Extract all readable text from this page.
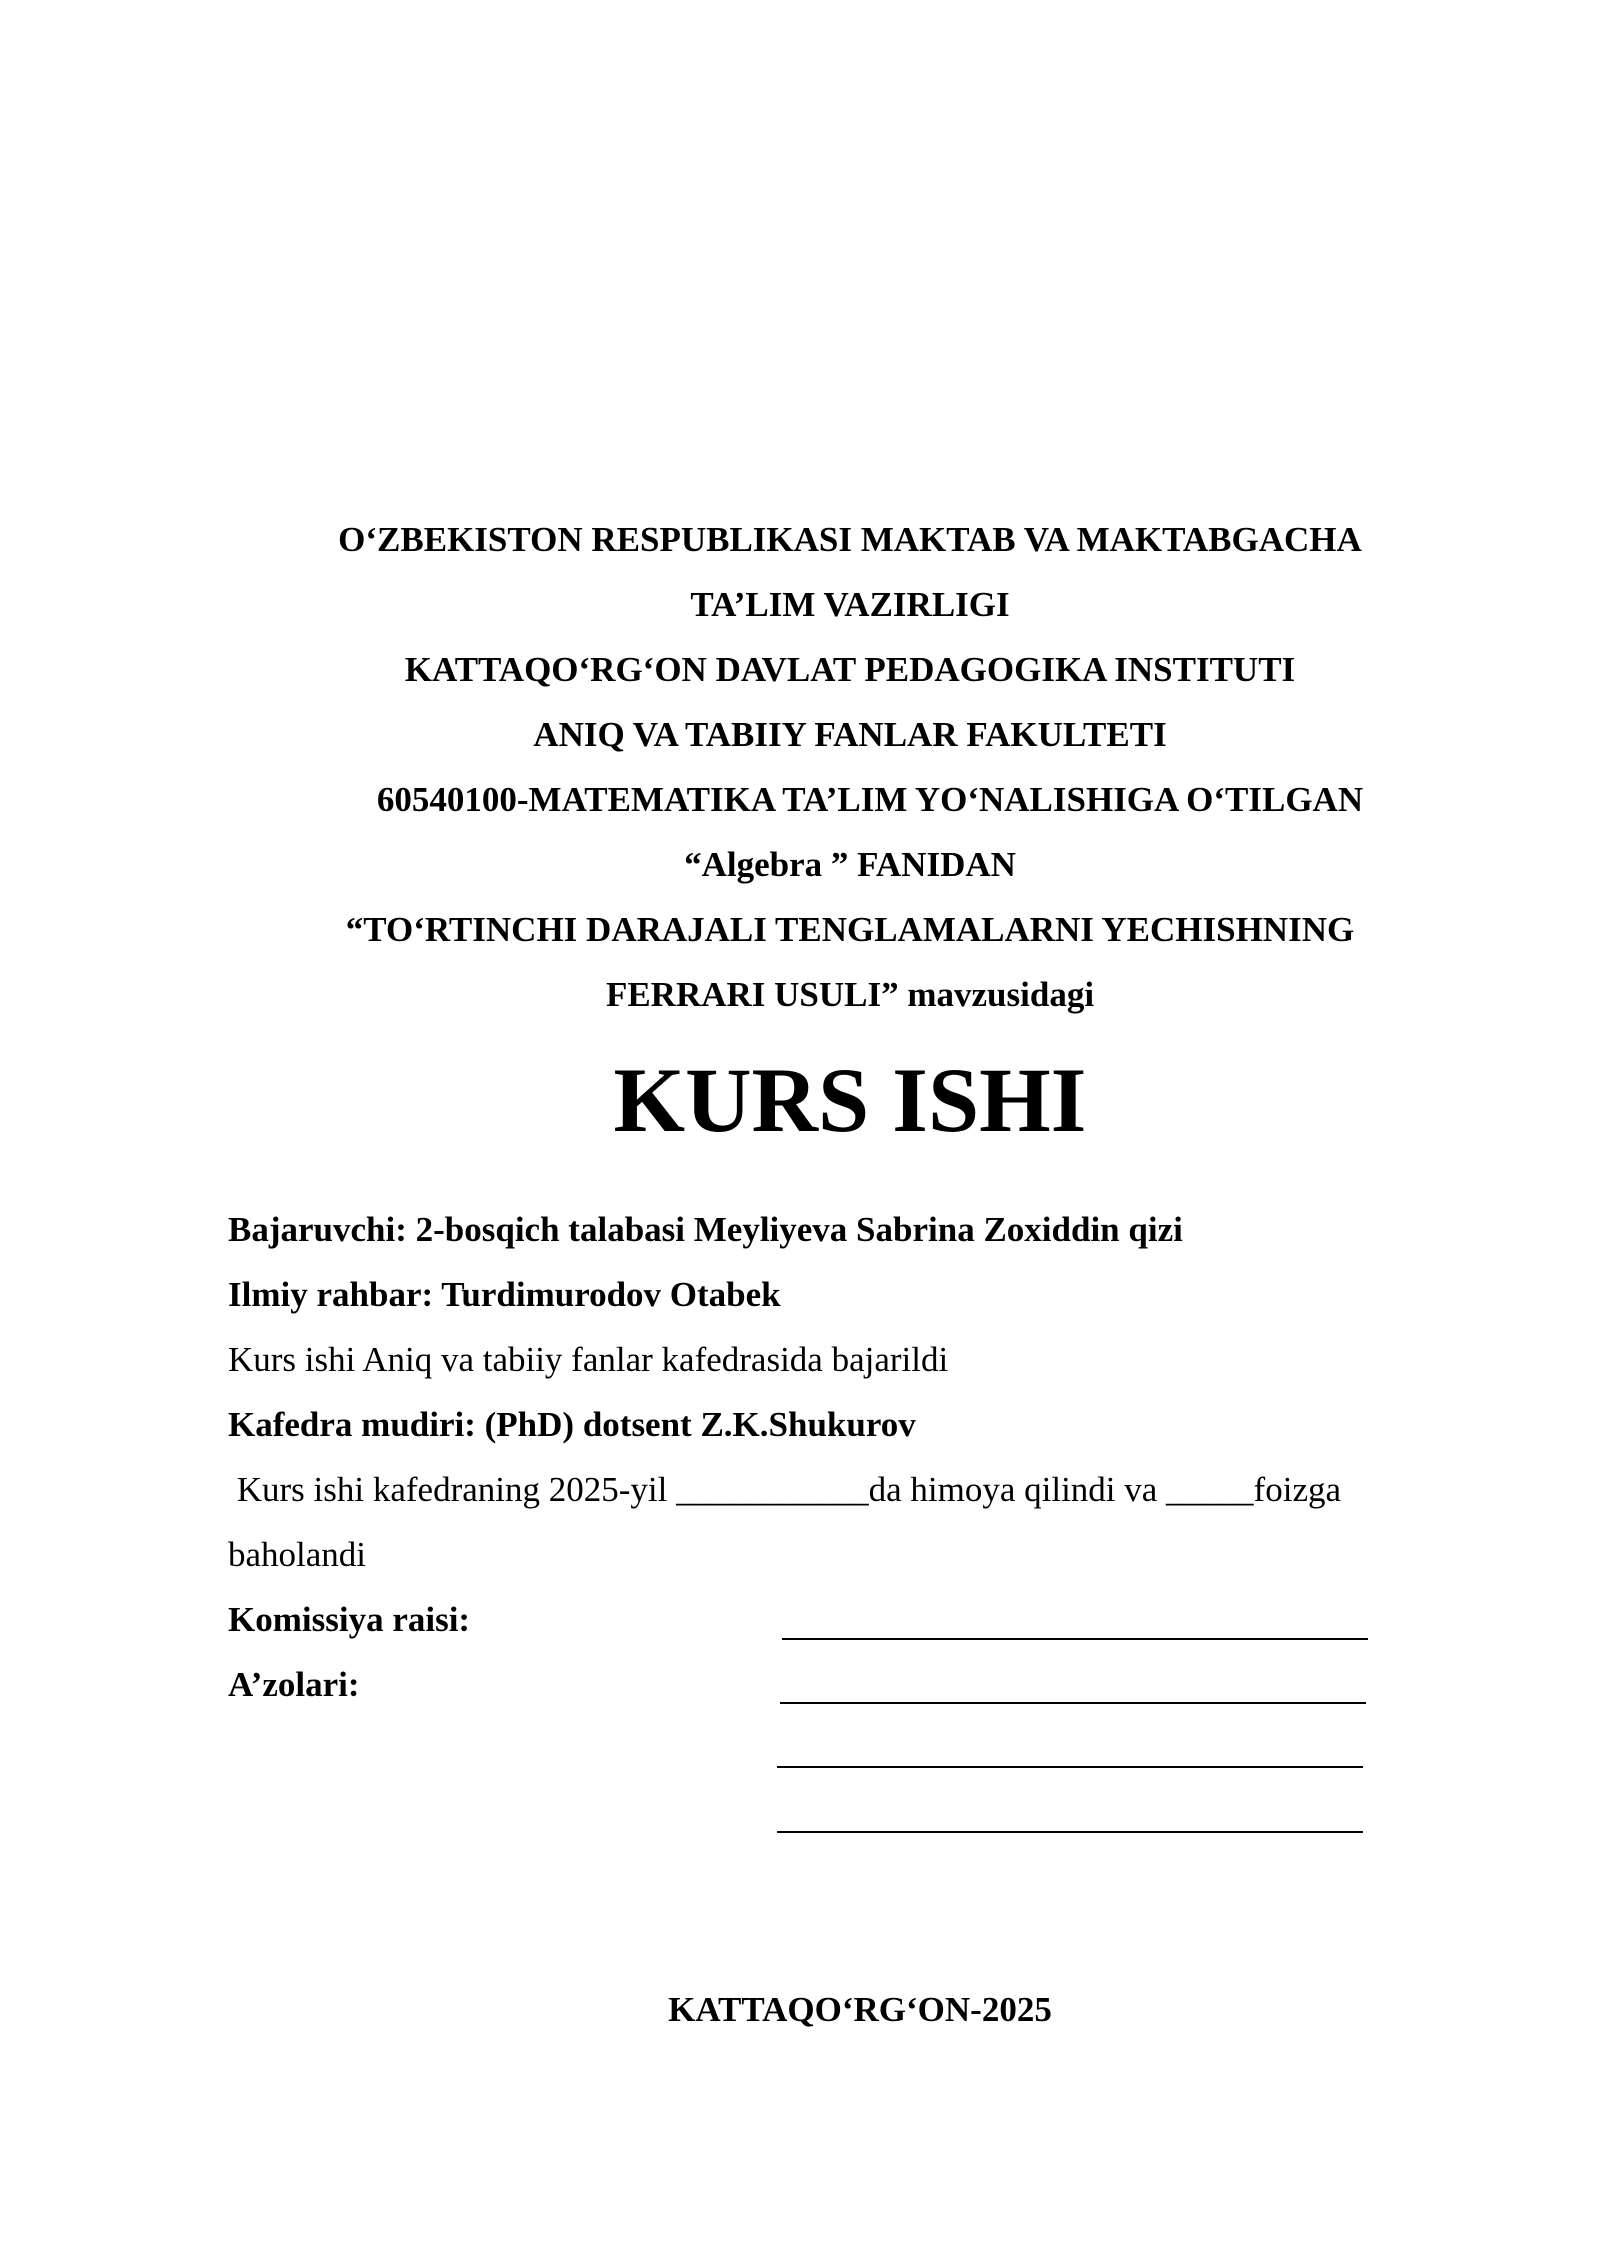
O‘ZBEKISTON RESPUBLIKASI MAKTAB VA MAKTABGACHA
TA’LIM VAZIRLIGI
KATTAQO‘RG‘ON DAVLAT PEDAGOGIKA INSTITUTI
ANIQ VA TABIIY FANLAR FAKULTETI
60540100-MATEMATIKA TA’LIM YO‘NALISHIGA O‘TILGAN
“Algebra ” FANIDAN
“TO‘RTINCHI DARAJALI TENGLAMALARNI YECHISHNING
FERRARI USULI” mavzusidagi
KURS ISHI
Bajaruvchi: 2-bosqich talabasi Meyliyeva Sabrina Zoxiddin qizi
Ilmiy rahbar: Turdimurodov Otabek
Kurs ishi Aniq va tabiiy fanlar kafedrasida bajarildi
Kafedra mudiri: (PhD) dotsent Z.K.Shukurov
Kurs ishi kafedraning 2025-yil ___________da himoya qilindi va _____foizga
baholandi
Komissiya raisi:
A’zolari:
KATTAQO‘RG‘ON-2025
